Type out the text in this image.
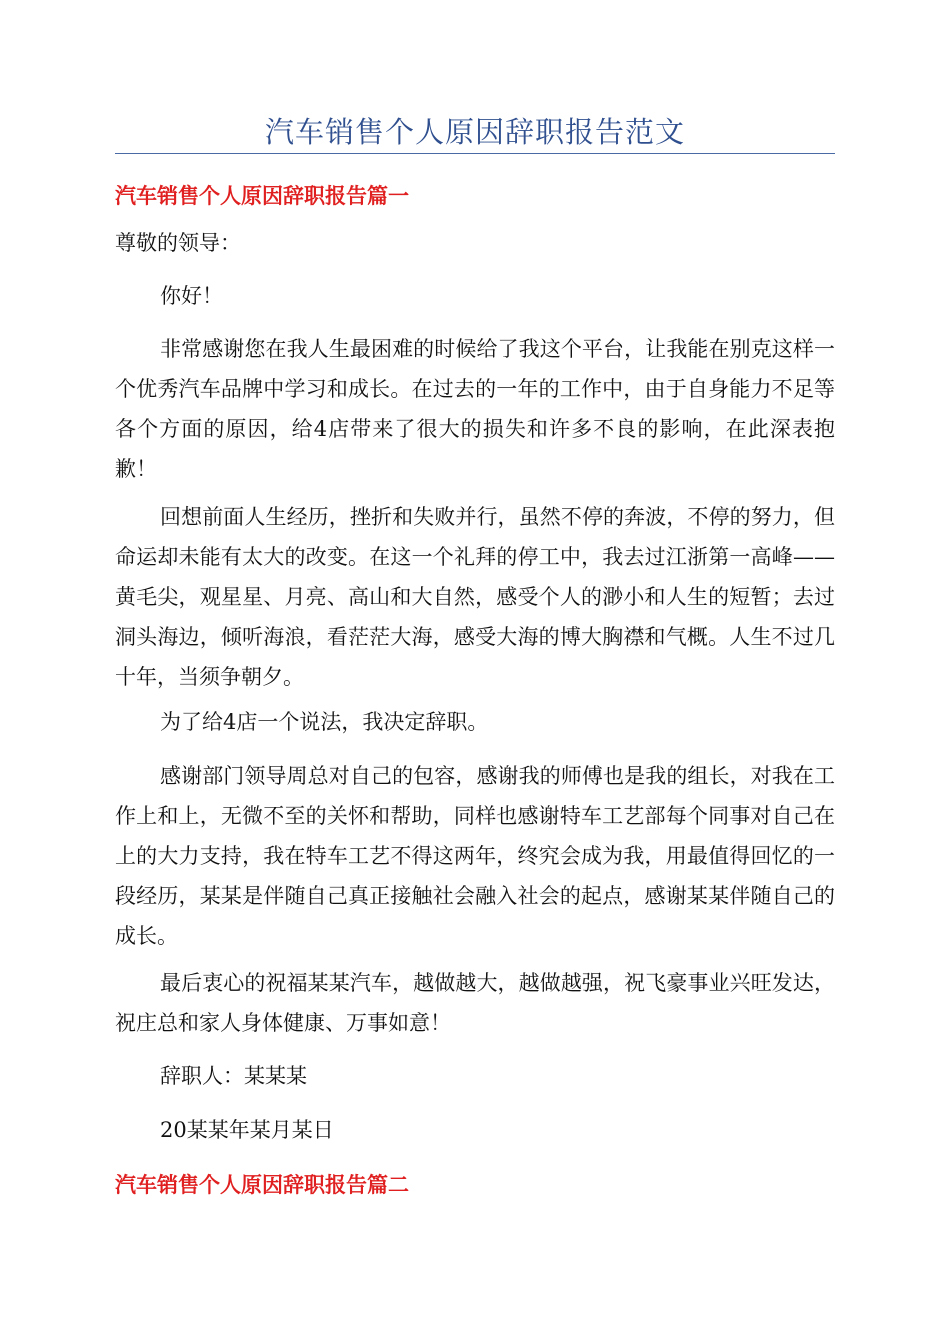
汽车销售个人原因辞职报告范文
汽车销售个人原因辞职报告篇一

尊敬的领导：

你好！

非常感谢您在我人生最困难的时候给了我这个平台，让我能在别克这样一个优秀汽车品牌中学习和成长。在过去的一年的工作中，由于自身能力不足等各个方面的原因，给4店带来了很大的损失和许多不良的影响，在此深表抱歉！

回想前面人生经历，挫折和失败并行，虽然不停的奔波，不停的努力，但命运却未能有太大的改变。在这一个礼拜的停工中，我去过江浙第一高峰——黄毛尖，观星星、月亮、高山和大自然，感受个人的渺小和人生的短暂；去过洞头海边，倾听海浪，看茫茫大海，感受大海的博大胸襟和气概。人生不过几十年，当须争朝夕。

为了给4店一个说法，我决定辞职。

感谢部门领导周总对自己的包容，感谢我的师傅也是我的组长，对我在工作上和上，无微不至的关怀和帮助，同样也感谢特车工艺部每个同事对自己在上的大力支持，我在特车工艺不得这两年，终究会成为我，用最值得回忆的一段经历，某某是伴随自己真正接触社会融入社会的起点，感谢某某伴随自己的成长。

最后衷心的祝福某某汽车，越做越大，越做越强，祝飞豪事业兴旺发达，祝庄总和家人身体健康、万事如意！

辞职人：某某某

20某某年某月某日

汽车销售个人原因辞职报告篇二
